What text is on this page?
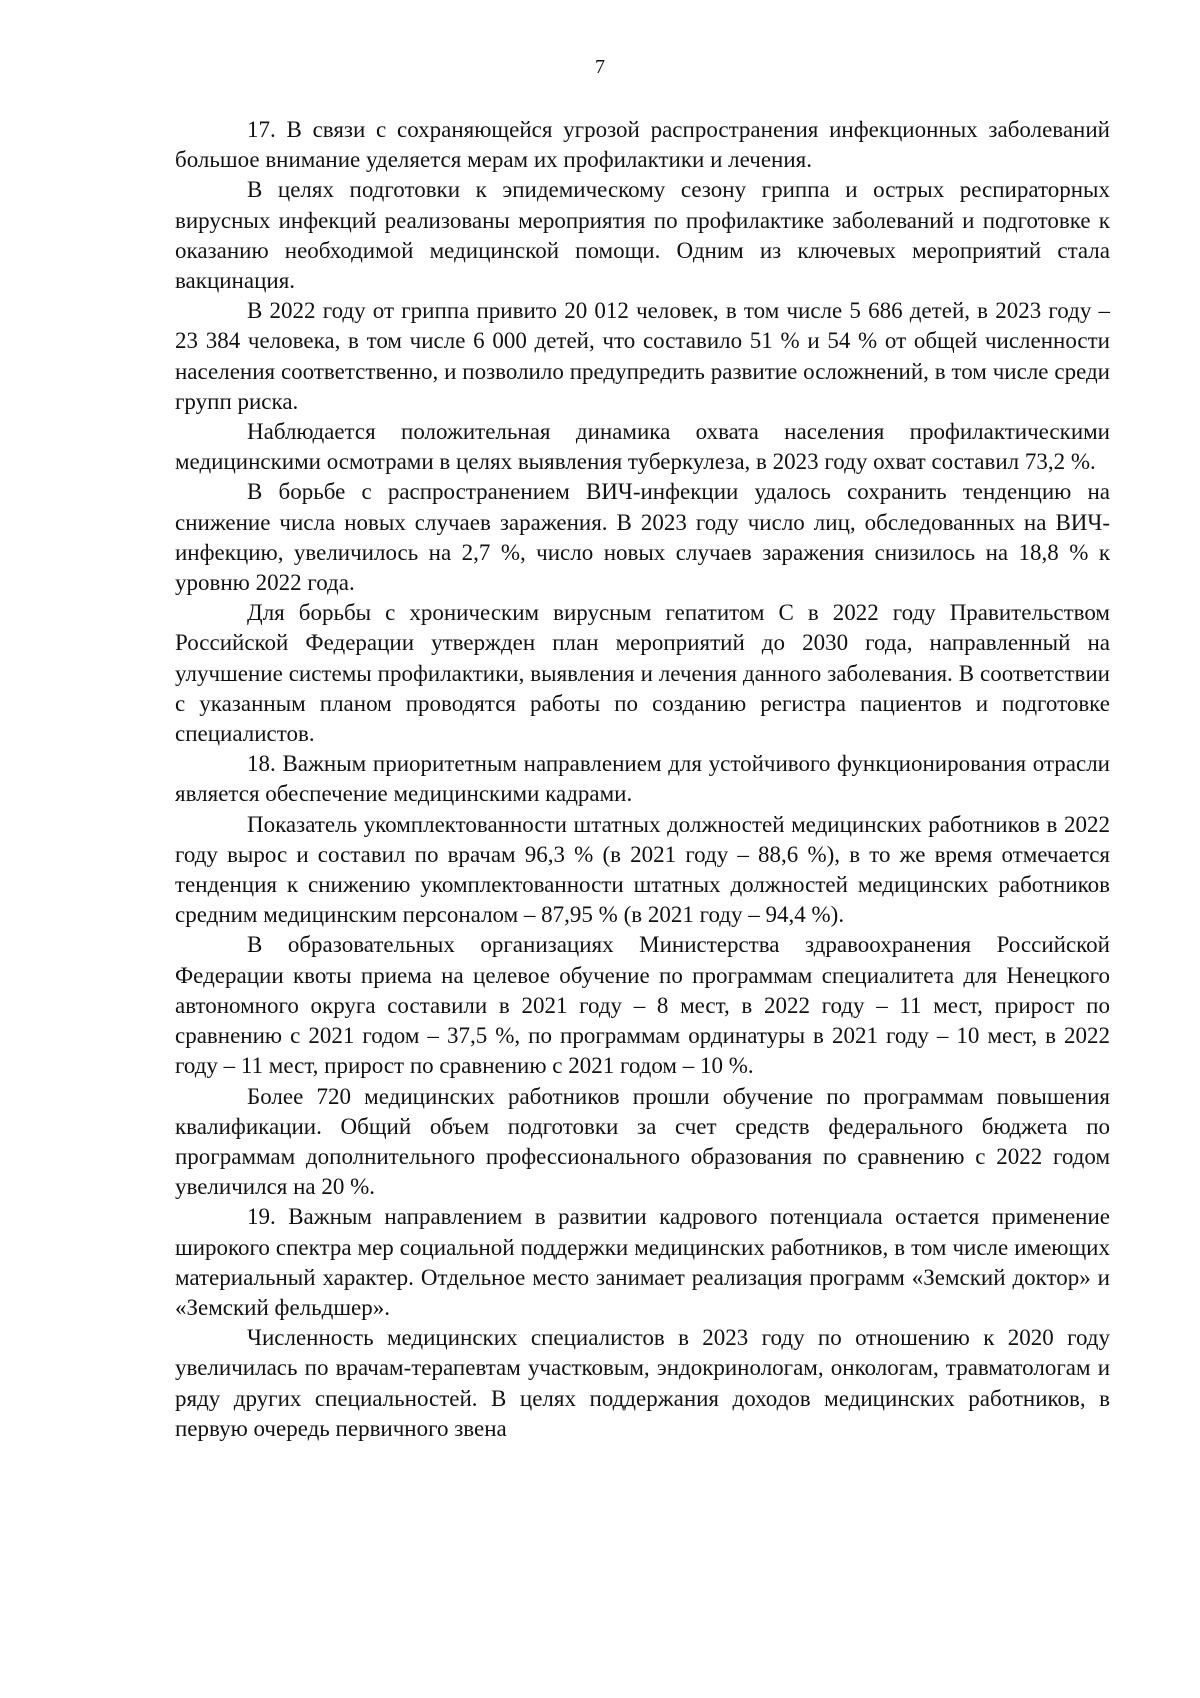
7

17. В связи с сохраняющейся угрозой распространения инфекционных заболеваний большое внимание уделяется мерам их профилактики и лечения.

В целях подготовки к эпидемическому сезону гриппа и острых респираторных вирусных инфекций реализованы мероприятия по профилактике заболеваний и подготовке к оказанию необходимой медицинской помощи. Одним из ключевых мероприятий стала вакцинация.

В 2022 году от гриппа привито 20 012 человек, в том числе 5 686 детей, в 2023 году – 23 384 человека, в том числе 6 000 детей, что составило 51 % и 54 % от общей численности населения соответственно, и позволило предупредить развитие осложнений, в том числе среди групп риска.

Наблюдается положительная динамика охвата населения профилактическими медицинскими осмотрами в целях выявления туберкулеза, в 2023 году охват составил 73,2 %.

В борьбе с распространением ВИЧ-инфекции удалось сохранить тенденцию на снижение числа новых случаев заражения. В 2023 году число лиц, обследованных на ВИЧ-инфекцию, увеличилось на 2,7 %, число новых случаев заражения снизилось на 18,8 % к уровню 2022 года.

Для борьбы с хроническим вирусным гепатитом С в 2022 году Правительством Российской Федерации утвержден план мероприятий до 2030 года, направленный на улучшение системы профилактики, выявления и лечения данного заболевания. В соответствии с указанным планом проводятся работы по созданию регистра пациентов и подготовке специалистов.

18. Важным приоритетным направлением для устойчивого функционирования отрасли является обеспечение медицинскими кадрами.

Показатель укомплектованности штатных должностей медицинских работников в 2022 году вырос и составил по врачам 96,3 % (в 2021 году – 88,6 %), в то же время отмечается тенденция к снижению укомплектованности штатных должностей медицинских работников средним медицинским персоналом – 87,95 % (в 2021 году – 94,4 %).

В образовательных организациях Министерства здравоохранения Российской Федерации квоты приема на целевое обучение по программам специалитета для Ненецкого автономного округа составили в 2021 году – 8 мест, в 2022 году – 11 мест, прирост по сравнению с 2021 годом – 37,5 %, по программам ординатуры в 2021 году – 10 мест, в 2022 году – 11 мест, прирост по сравнению с 2021 годом – 10 %.

Более 720 медицинских работников прошли обучение по программам повышения квалификации. Общий объем подготовки за счет средств федерального бюджета по программам дополнительного профессионального образования по сравнению с 2022 годом увеличился на 20 %.

19. Важным направлением в развитии кадрового потенциала остается применение широкого спектра мер социальной поддержки медицинских работников, в том числе имеющих материальный характер. Отдельное место занимает реализация программ «Земский доктор» и «Земский фельдшер».

Численность медицинских специалистов в 2023 году по отношению к 2020 году увеличилась по врачам-терапевтам участковым, эндокринологам, онкологам, травматологам и ряду других специальностей. В целях поддержания доходов медицинских работников, в первую очередь первичного звена
